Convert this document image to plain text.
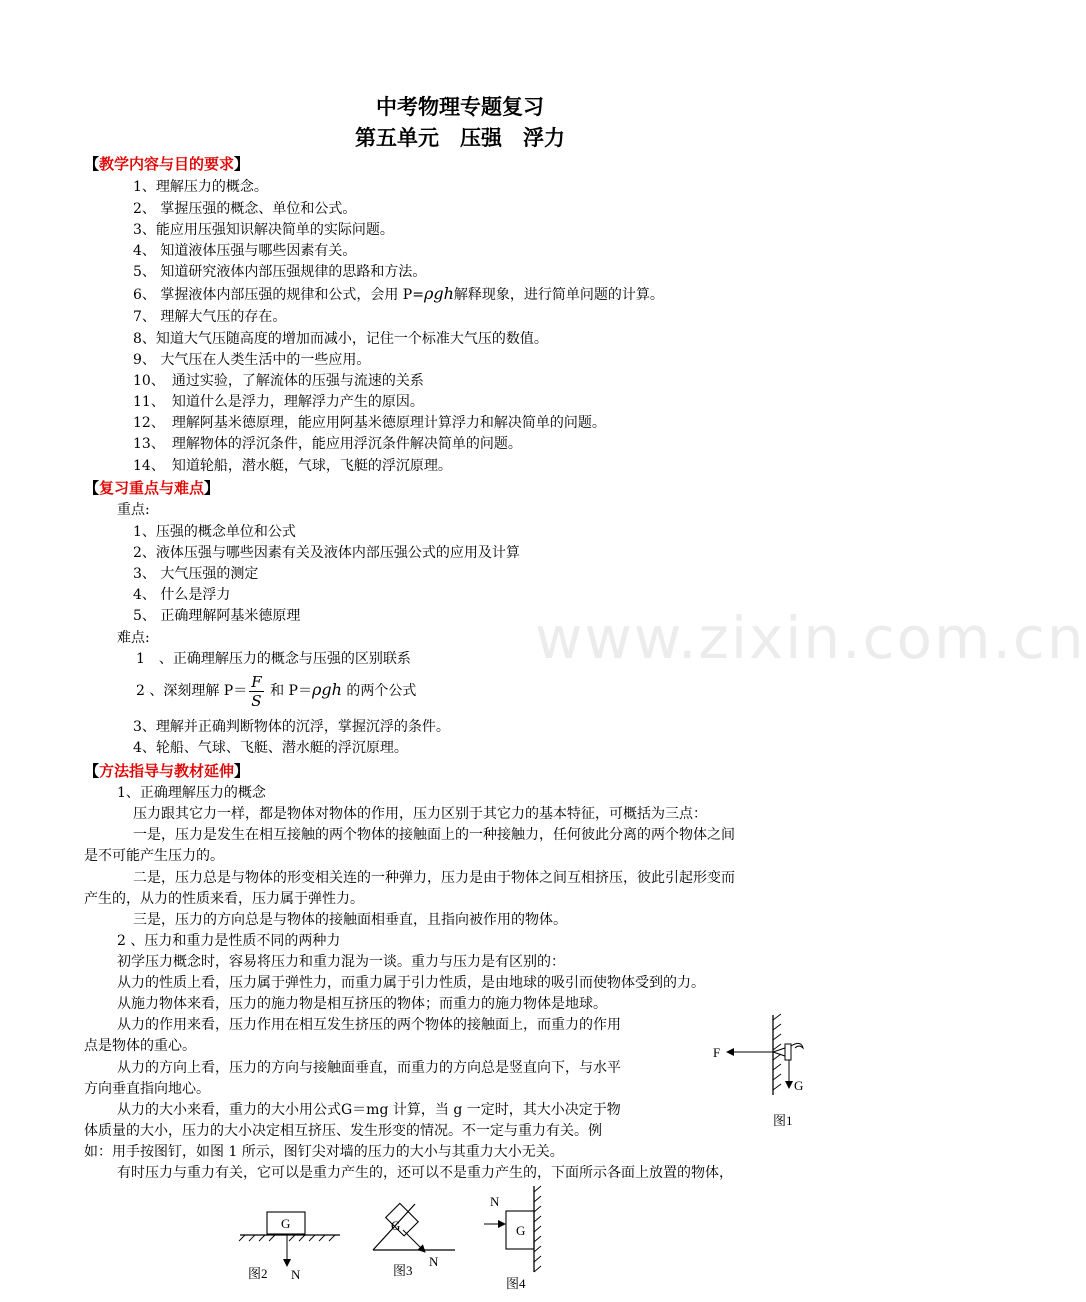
www.zixin.com.cn
中考物理专题复习
第五单元　压强　浮力
【教学内容与目的要求】
1、理解压力的概念。
2、 掌握压强的概念、单位和公式。
3、能应用压强知识解决简单的实际问题。
4、 知道液体压强与哪些因素有关。
5、 知道研究液体内部压强规律的思路和方法。
6、 掌握液体内部压强的规律和公式，会用 P=ρgh解释现象，进行简单问题的计算。
7、 理解大气压的存在。
8、知道大气压随高度的增加而减小，记住一个标准大气压的数值。
9、 大气压在人类生活中的一些应用。
10、　通过实验，了解流体的压强与流速的关系
11、　知道什么是浮力，理解浮力产生的原因。
12、　理解阿基米德原理，能应用阿基米德原理计算浮力和解决简单的问题。
13、　理解物体的浮沉条件，能应用浮沉条件解决简单的问题。
14、　知道轮船，潜水艇，气球，飞艇的浮沉原理。
【复习重点与难点】
重点:
1、压强的概念单位和公式
2、液体压强与哪些因素有关及液体内部压强公式的应用及计算
3、 大气压强的测定
4、 什么是浮力
5、 正确理解阿基米德原理
难点:
1　、正确理解压力的概念与压强的区别联系
2 、深刻理解 $P= \frac{F}{S}$ 和 P＝ρgh 的两个公式
3、理解并正确判断物体的沉浮，掌握沉浮的条件。
4、轮船、气球、飞艇、潜水艇的浮沉原理。
【方法指导与教材延伸】
1、正确理解压力的概念
压力跟其它力一样，都是物体对物体的作用，压力区别于其它力的基本特征，可概括为三点：
一是，压力是发生在相互接触的两个物体的接触面上的一种接触力，任何彼此分离的两个物体之间
是不可能产生压力的。
二是，压力总是与物体的形变相关连的一种弹力，压力是由于物体之间互相挤压，彼此引起形变而
产生的，从力的性质来看，压力属于弹性力。
三是，压力的方向总是与物体的接触面相垂直，且指向被作用的物体。
2 、压力和重力是性质不同的两种力
初学压力概念时，容易将压力和重力混为一谈。重力与压力是有区别的：
从力的性质上看，压力属于弹性力，而重力属于引力性质，是由地球的吸引而使物体受到的力。
从施力物体来看，压力的施力物是相互挤压的物体；而重力的施力物体是地球。
从力的作用来看，压力作用在相互发生挤压的两个物体的接触面上，而重力的作用
点是物体的重心。
从力的方向上看，压力的方向与接触面垂直，而重力的方向总是竖直向下，与水平
方向垂直指向地心。
从力的大小来看，重力的大小用公式G＝mg 计算，当 g 一定时，其大小决定于物
体质量的大小，压力的大小决定相互挤压、发生形变的情况。不一定与重力有关。例
如：用手按图钉，如图 1 所示，图钉尖对墙的压力的大小与其重力大小无关。
有时压力与重力有关，它可以是重力产生的，还可以不是重力产生的，下面所示各面上放置的物体，
F
G
图1
G
图2 N
G
N
图3
G
N
图4
